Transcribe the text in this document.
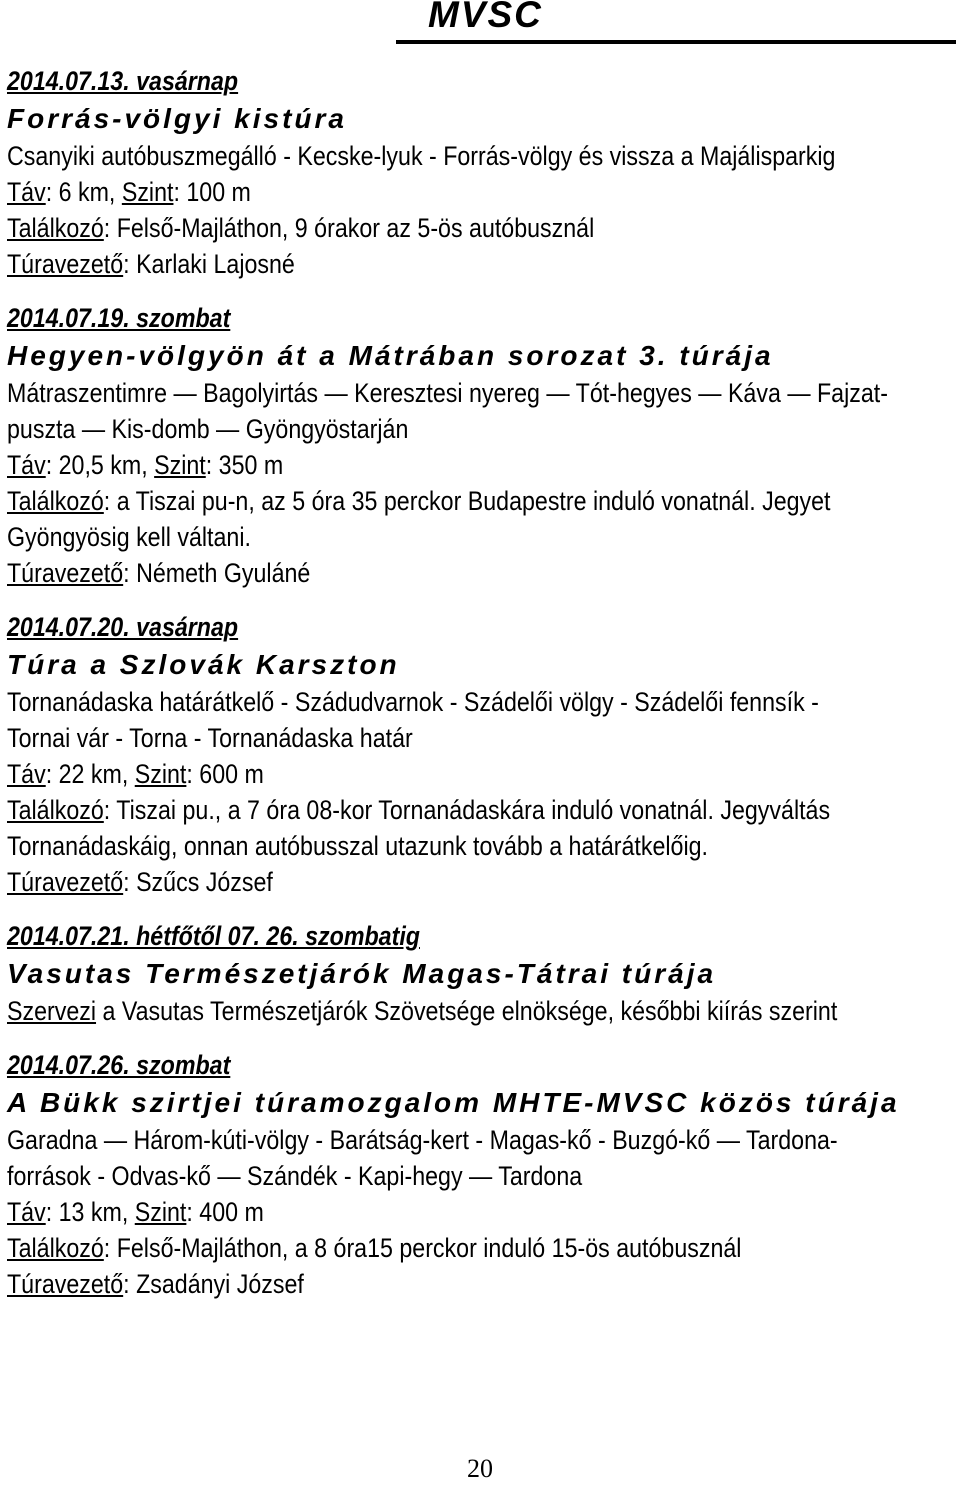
MVSC
2014.07.13. vasárnap
Forrás-völgyi kistúra
Csanyiki autóbuszmegálló - Kecske-lyuk - Forrás-völgy és vissza a Majálisparkig
Táv: 6 km, Szint: 100 m
Találkozó: Felső-Majláthon, 9 órakor az 5-ös autóbusznál
Túravezető: Karlaki Lajosné
2014.07.19. szombat
Hegyen-völgyön át a Mátrában sorozat 3. túrája
Mátraszentimre — Bagolyirtás — Keresztesi nyereg — Tót-hegyes — Káva — Fajzat-
puszta — Kis-domb — Gyöngyöstarján
Táv: 20,5 km, Szint: 350 m
Találkozó: a Tiszai pu-n, az 5 óra 35 perckor Budapestre induló vonatnál. Jegyet
Gyöngyösig kell váltani.
Túravezető: Németh Gyuláné
2014.07.20. vasárnap
Túra a Szlovák Karszton
Tornanádaska határátkelő - Szádudvarnok - Szádelői völgy - Szádelői fennsík -
Tornai vár - Torna - Tornanádaska határ
Táv: 22 km, Szint: 600 m
Találkozó: Tiszai pu., a 7 óra 08-kor Tornanádaskára induló vonatnál. Jegyváltás
Tornanádaskáig, onnan autóbusszal utazunk tovább a határátkelőig.
Túravezető: Szűcs József
2014.07.21. hétfőtől 07. 26. szombatig
Vasutas Természetjárók Magas-Tátrai túrája
Szervezi a Vasutas Természetjárók Szövetsége elnöksége, későbbi kiírás szerint
2014.07.26. szombat
A Bükk szirtjei túramozgalom MHTE-MVSC közös túrája
Garadna — Három-kúti-völgy - Barátság-kert - Magas-kő - Buzgó-kő — Tardona-
források - Odvas-kő — Szándék - Kapi-hegy — Tardona
Táv: 13 km, Szint: 400 m
Találkozó: Felső-Majláthon, a 8 óra15 perckor induló 15-ös autóbusznál
Túravezető: Zsadányi József
20
